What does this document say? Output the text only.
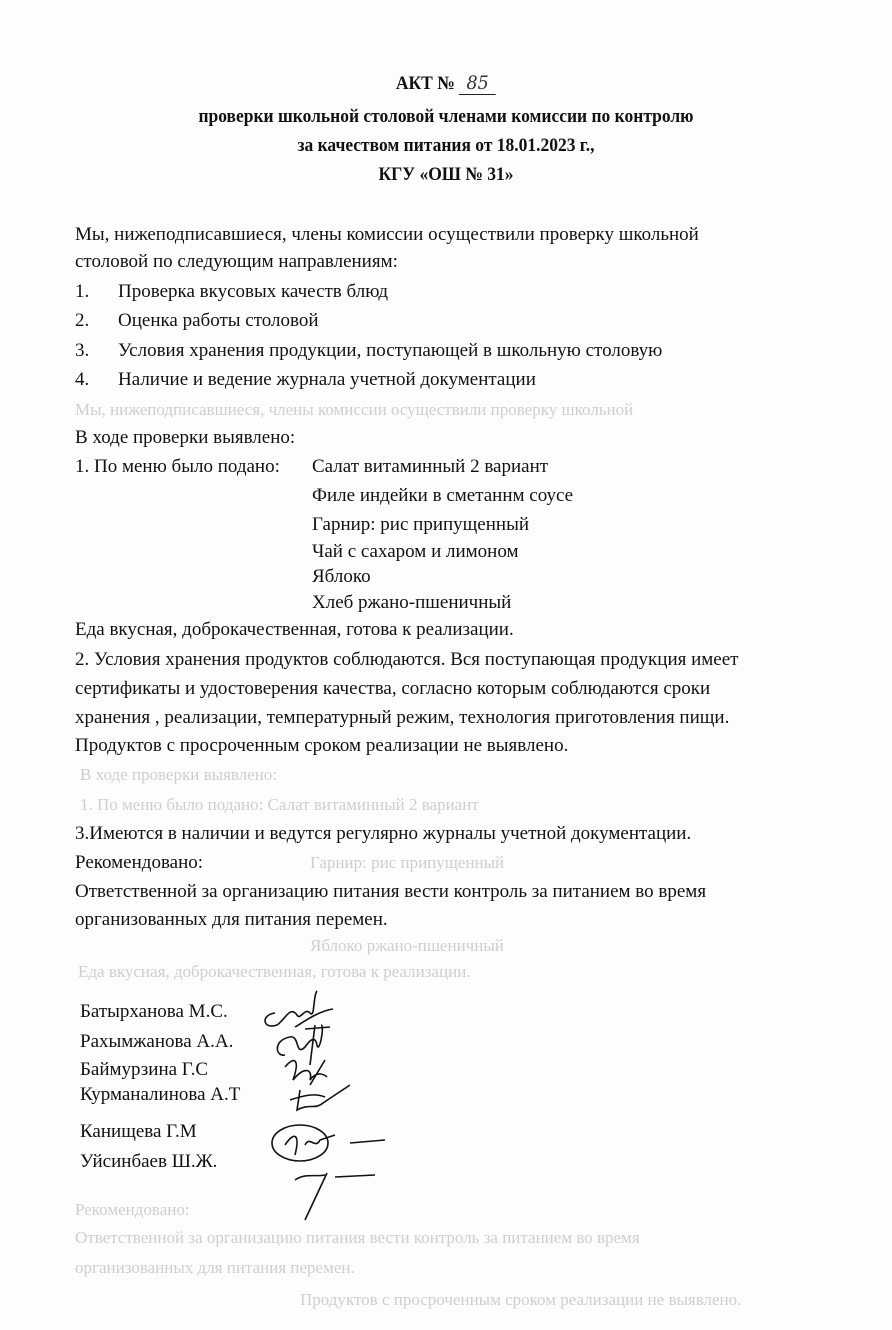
Мы, нижеподписавшиеся, члены комиссии осуществили проверку школьной
В ходе проверки выявлено:
1. По меню было подано: Салат витаминный 2 вариант
Гарнир: рис припущенный
Яблоко ржано-пшеничный
Еда вкусная, доброкачественная, готова к реализации.
Продуктов с просроченным сроком реализации не выявлено.
Рекомендовано:
Ответственной за организацию питания вести контроль за питанием во время
организованных для питания перемен.
АКТ № 85
проверки школьной столовой членами комиссии по контролю
за качеством питания от 18.01.2023 г.,
КГУ «ОШ № 31»
Мы, нижеподписавшиеся, члены комиссии осуществили проверку школьной
столовой по следующим направлениям:
1. Проверка вкусовых качеств блюд
2. Оценка работы столовой
3. Условия хранения продукции, поступающей в школьную столовую
4. Наличие и ведение журнала учетной документации
В ходе проверки выявлено:
1. По меню было подано: Салат витаминный 2 вариант
Филе индейки в сметаннм соусе
Гарнир: рис припущенный
Чай с сахаром и лимоном
Яблоко
Хлеб ржано-пшеничный
Еда вкусная, доброкачественная, готова к реализации.
2. Условия хранения продуктов соблюдаются. Вся поступающая продукция имеет
сертификаты и удостоверения качества, согласно которым соблюдаются сроки
хранения , реализации, температурный режим, технология приготовления пищи.
Продуктов с просроченным сроком реализации не выявлено.
3.Имеются в наличии и ведутся регулярно журналы учетной документации.
Рекомендовано:
Ответственной за организацию питания вести контроль за питанием во время
организованных для питания перемен.
Батырханова М.С.
Рахымжанова А.А.
Баймурзина Г.С
Курманалинова А.Т
Канищева Г.М
Уйсинбаев Ш.Ж.
